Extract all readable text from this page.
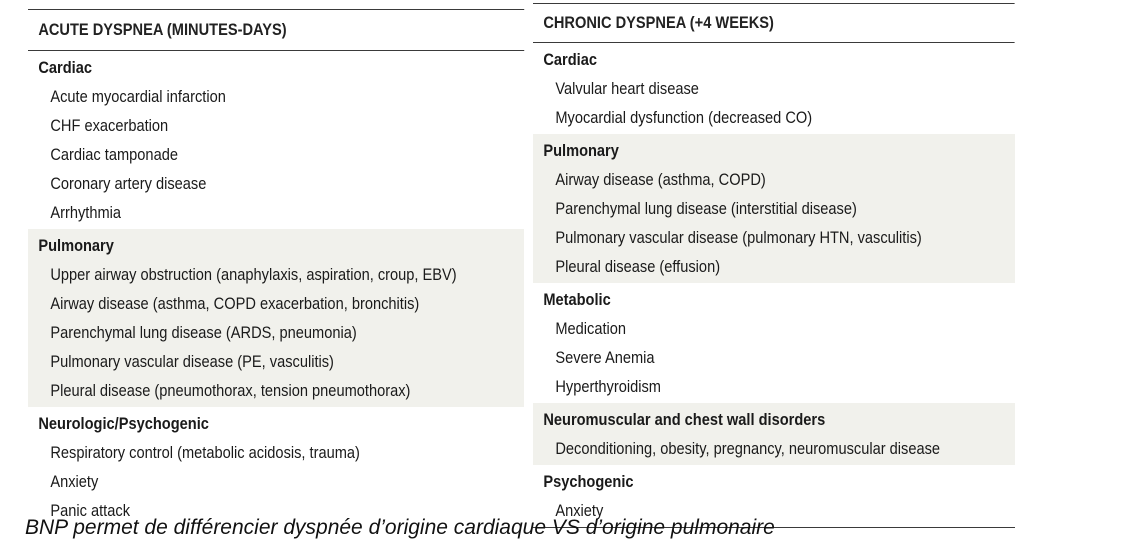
ACUTE DYSPNEA (MINUTES-DAYS)
Cardiac
Acute myocardial infarction
CHF exacerbation
Cardiac tamponade
Coronary artery disease
Arrhythmia
Pulmonary
Upper airway obstruction (anaphylaxis, aspiration, croup, EBV)
Airway disease (asthma, COPD exacerbation, bronchitis)
Parenchymal lung disease (ARDS, pneumonia)
Pulmonary vascular disease (PE, vasculitis)
Pleural disease (pneumothorax, tension pneumothorax)
Neurologic/Psychogenic
Respiratory control (metabolic acidosis, trauma)
Anxiety
Panic attack
CHRONIC DYSPNEA (+4 WEEKS)
Cardiac
Valvular heart disease
Myocardial dysfunction (decreased CO)
Pulmonary
Airway disease (asthma, COPD)
Parenchymal lung disease (interstitial disease)
Pulmonary vascular disease (pulmonary HTN, vasculitis)
Pleural disease (effusion)
Metabolic
Medication
Severe Anemia
Hyperthyroidism
Neuromuscular and chest wall disorders
Deconditioning, obesity, pregnancy, neuromuscular disease
Psychogenic
Anxiety
BNP permet de différencier dyspnée d’origine cardiaque VS d’origine pulmonaire
